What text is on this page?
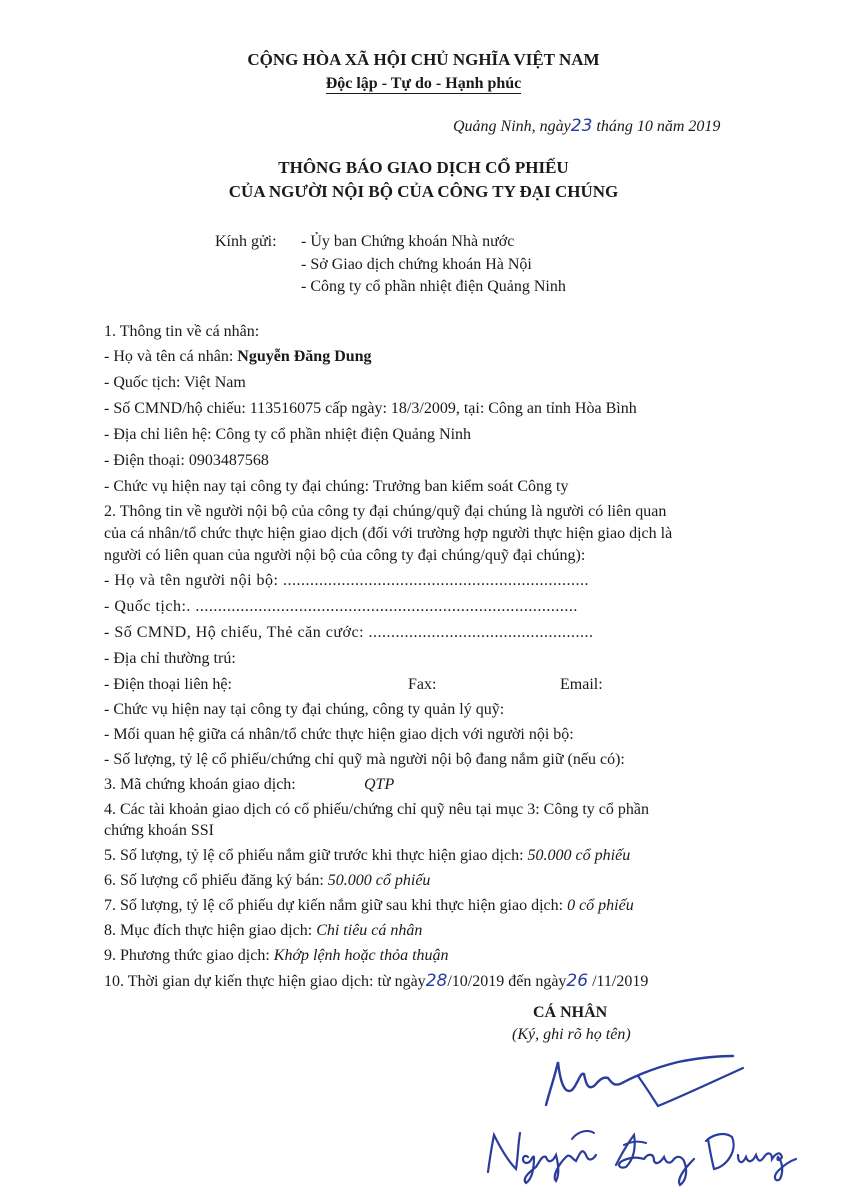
CỘNG HÒA XÃ HỘI CHỦ NGHĨA VIỆT NAM
Độc lập - Tự do - Hạnh phúc
Quảng Ninh, ngày23 tháng 10 năm 2019
THÔNG BÁO GIAO DỊCH CỔ PHIẾU
CỦA NGƯỜI NỘI BỘ CỦA CÔNG TY ĐẠI CHÚNG
Kính gửi: - Ủy ban Chứng khoán Nhà nước
- Sở Giao dịch chứng khoán Hà Nội
- Công ty cổ phần nhiệt điện Quảng Ninh
1. Thông tin về cá nhân:
- Họ và tên cá nhân: Nguyễn Đăng Dung
- Quốc tịch: Việt Nam
- Số CMND/hộ chiếu: 113516075 cấp ngày: 18/3/2009, tại: Công an tỉnh Hòa Bình
- Địa chỉ liên hệ: Công ty cổ phần nhiệt điện Quảng Ninh
- Điện thoại: 0903487568
- Chức vụ hiện nay tại công ty đại chúng: Trưởng ban kiểm soát Công ty
2. Thông tin về người nội bộ của công ty đại chúng/quỹ đại chúng là người có liên quan
của cá nhân/tổ chức thực hiện giao dịch (đối với trường hợp người thực hiện giao dịch là
người có liên quan của người nội bộ của công ty đại chúng/quỹ đại chúng):
- Họ và tên người nội bộ: ....................................................................
- Quốc tịch:. .....................................................................................
- Số CMND, Hộ chiếu, Thẻ căn cước: ..................................................
- Địa chỉ thường trú:
- Điện thoại liên hệ:	Fax:	Email:
- Chức vụ hiện nay tại công ty đại chúng, công ty quản lý quỹ:
- Mối quan hệ giữa cá nhân/tổ chức thực hiện giao dịch với người nội bộ:
- Số lượng, tỷ lệ cổ phiếu/chứng chỉ quỹ mà người nội bộ đang nắm giữ (nếu có):
3. Mã chứng khoán giao dịch:	QTP
4. Các tài khoản giao dịch có cổ phiếu/chứng chỉ quỹ nêu tại mục 3: Công ty cổ phần
chứng khoán SSI
5. Số lượng, tỷ lệ cổ phiếu nắm giữ trước khi thực hiện giao dịch: 50.000 cổ phiếu
6. Số lượng cổ phiếu đăng ký bán: 50.000 cổ phiếu
7. Số lượng, tỷ lệ cổ phiếu dự kiến nắm giữ sau khi thực hiện giao dịch: 0 cổ phiếu
8. Mục đích thực hiện giao dịch: Chi tiêu cá nhân
9. Phương thức giao dịch: Khớp lệnh hoặc thỏa thuận
10. Thời gian dự kiến thực hiện giao dịch: từ ngày28/10/2019 đến ngày26 /11/2019
CÁ NHÂN
(Ký, ghi rõ họ tên)
